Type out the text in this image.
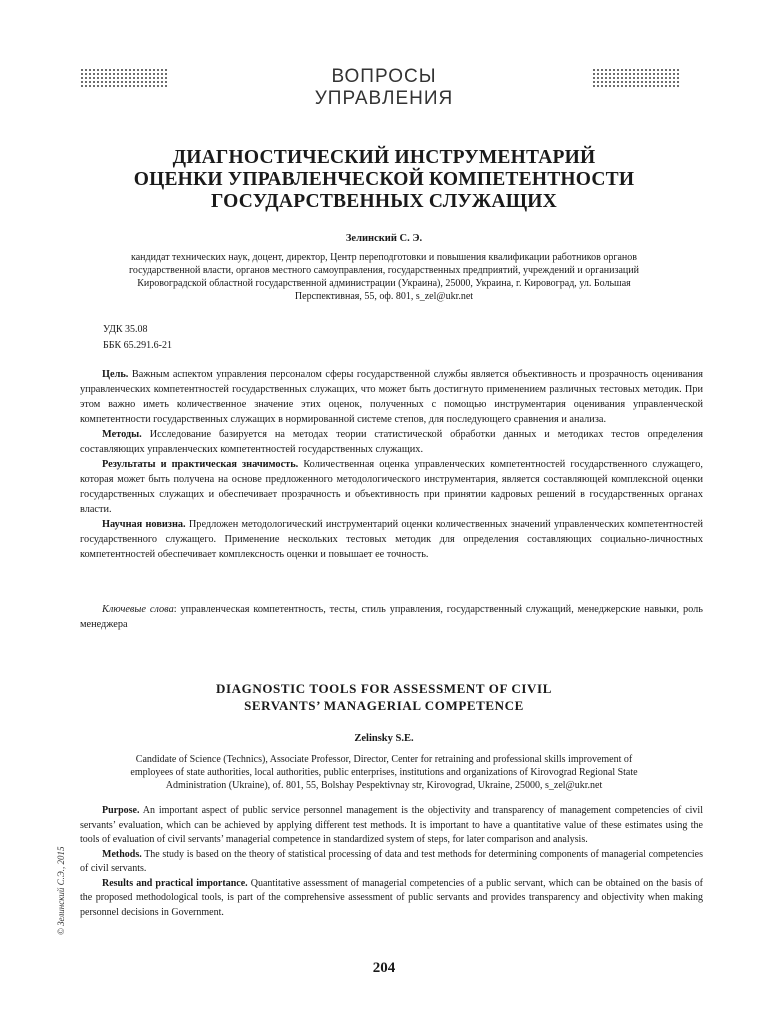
ВОПРОСЫ
УПРАВЛЕНИЯ
ДИАГНОСТИЧЕСКИЙ ИНСТРУМЕНТАРИЙ
ОЦЕНКИ УПРАВЛЕНЧЕСКОЙ КОМПЕТЕНТНОСТИ
ГОСУДАРСТВЕННЫХ СЛУЖАЩИХ
Зелинский С. Э.
кандидат технических наук, доцент, директор, Центр переподготовки и повышения квалификации работников органов
государственной власти, органов местного самоуправления, государственных предприятий, учреждений и организаций
Кировоградской областной государственной администрации (Украина), 25000, Украина, г. Кировоград, ул. Большая
Перспективная, 55, оф. 801, s_zel@ukr.net
УДК 35.08
ББК 65.291.6-21
Цель. Важным аспектом управления персоналом сферы государственной службы является объективность и прозрачность оценивания управленческих компетентностей государственных служащих, что может быть достигнуто применением различных тестовых методик. При этом важно иметь количественное значение этих оценок, полученных с помощью инструментария оценивания управленческой компетентности государственных служащих в нормированной системе степов, для последующего сравнения и анализа.
Методы. Исследование базируется на методах теории статистической обработки данных и методиках тестов определения составляющих управленческих компетентностей государственных служащих.
Результаты и практическая значимость. Количественная оценка управленческих компетентностей государственного служащего, которая может быть получена на основе предложенного методологического инструментария, является составляющей комплексной оценки государственных служащих и обеспечивает прозрачность и объективность при принятии кадровых решений в государственных органах власти.
Научная новизна. Предложен методологический инструментарий оценки количественных значений управленческих компетентностей государственного служащего. Применение нескольких тестовых методик для определения составляющих социально-личностных компетентностей обеспечивает комплексность оценки и повышает ее точность.
Ключевые слова: управленческая компетентность, тесты, стиль управления, государственный служащий, менеджерские навыки, роль менеджера
DIAGNOSTIC TOOLS FOR ASSESSMENT OF CIVIL
SERVANTS’ MANAGERIAL COMPETENCE
Zelinsky S.E.
Candidate of Science (Technics), Associate Professor, Director, Center for retraining and professional skills improvement of
employees of state authorities, local authorities, public enterprises, institutions and organizations of Kirovograd Regional State
Administration (Ukraine), of. 801, 55, Bolshay Pespektivnay str, Kirovograd, Ukraine, 25000, s_zel@ukr.net
Purpose. An important aspect of public service personnel management is the objectivity and transparency of management competencies of civil servants’ evaluation, which can be achieved by applying different test methods. It is important to have a quantitative value of these estimates using the tools of evaluation of civil servants’ managerial competence in standardized system of steps, for later comparison and analysis.
Methods. The study is based on the theory of statistical processing of data and test methods for determining components of managerial competencies of civil servants.
Results and practical importance. Quantitative assessment of managerial competencies of a public servant, which can be obtained on the basis of the proposed methodological tools, is part of the comprehensive assessment of public servants and provides transparency and objectivity when making personnel decisions in Government.
© Зелинский С.Э., 2015
204
